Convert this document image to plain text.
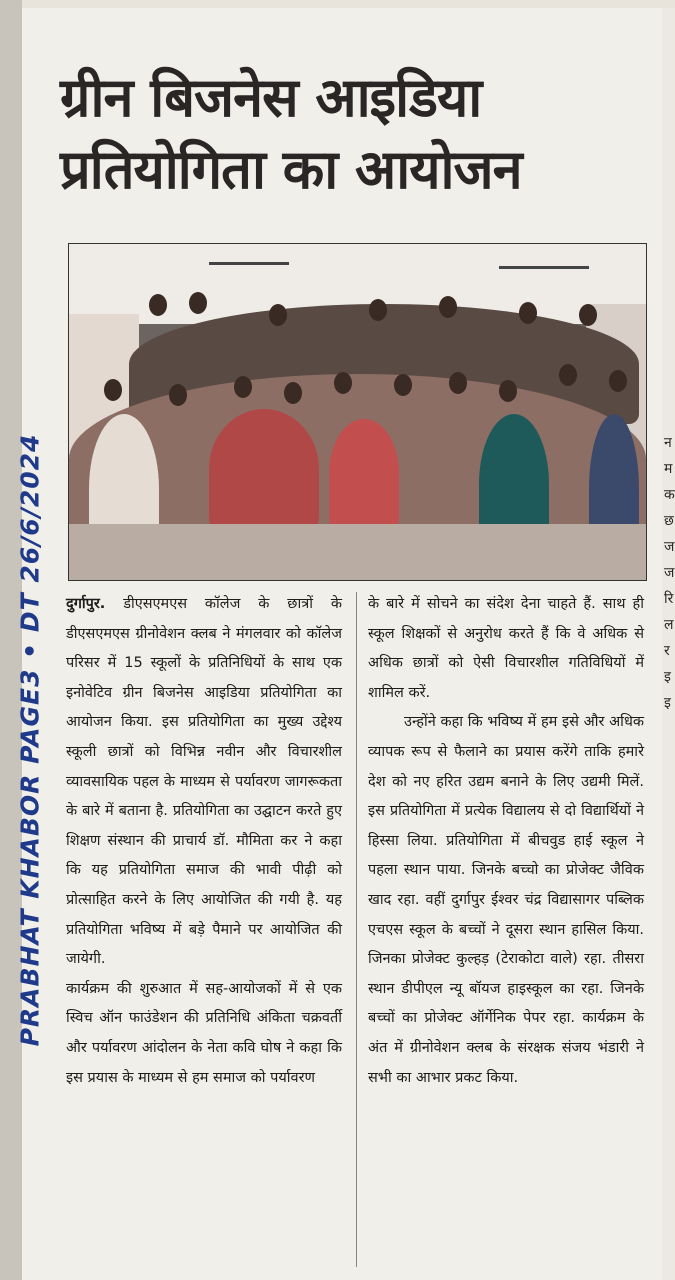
ग्रीन बिजनेस आइडिया
प्रतियोगिता का आयोजन
PRABHAT KHABOR PAGE3 • DT 26/6/2024 दुर्गापुर. डीएसएमएस कॉलेज के छात्रों के डीएसएमएस ग्रीनोवेशन क्लब ने मंगलवार को कॉलेज परिसर में 15 स्कूलों के प्रतिनिधियों के साथ एक इनोवेटिव ग्रीन बिजनेस आइडिया प्रतियोगिता का आयोजन किया. इस प्रतियोगिता का मुख्य उद्देश्य स्कूली छात्रों को विभिन्न नवीन और विचारशील व्यावसायिक पहल के माध्यम से पर्यावरण जागरूकता के बारे में बताना है. प्रतियोगिता का उद्घाटन करते हुए शिक्षण संस्थान की प्राचार्य डॉ. मौमिता कर ने कहा कि यह प्रतियोगिता समाज की भावी पीढ़ी को प्रोत्साहित करने के लिए आयोजित की गयी है. यह प्रतियोगिता भविष्य में बड़े पैमाने पर आयोजित की जायेगी.

कार्यक्रम की शुरुआत में सह-आयोजकों में से एक स्विच ऑन फाउंडेशन की प्रतिनिधि अंकिता चक्रवर्ती और पर्यावरण आंदोलन के नेता कवि घोष ने कहा कि इस प्रयास के माध्यम से हम समाज को पर्यावरण

के बारे में सोचने का संदेश देना चाहते हैं. साथ ही स्कूल शिक्षकों से अनुरोध करते हैं कि वे अधिक से अधिक छात्रों को ऐसी विचारशील गतिविधियों में शामिल करें.

उन्होंने कहा कि भविष्य में हम इसे और अधिक व्यापक रूप से फैलाने का प्रयास करेंगे ताकि हमारे देश को नए हरित उद्यम बनाने के लिए उद्यमी मिलें. इस प्रतियोगिता में प्रत्येक विद्यालय से दो विद्यार्थियों ने हिस्सा लिया. प्रतियोगिता में बीचवुड हाई स्कूल ने पहला स्थान पाया. जिनके बच्चो का प्रोजेक्ट जैविक खाद रहा. वहीं दुर्गापुर ईश्वर चंद्र विद्यासागर पब्लिक एचएस स्कूल के बच्चों ने दूसरा स्थान हासिल किया. जिनका प्रोजेक्ट कुल्हड़ (टेराकोटा वाले) रहा. तीसरा स्थान डीपीएल न्यू बॉयज हाइस्कूल का रहा. जिनके बच्चों का प्रोजेक्ट ऑर्गेनिक पेपर रहा. कार्यक्रम के अंत में ग्रीनोवेशन क्लब के संरक्षक संजय भंडारी ने सभी का आभार प्रकट किया.

न म क छ ज ज रि ल र इ इ
